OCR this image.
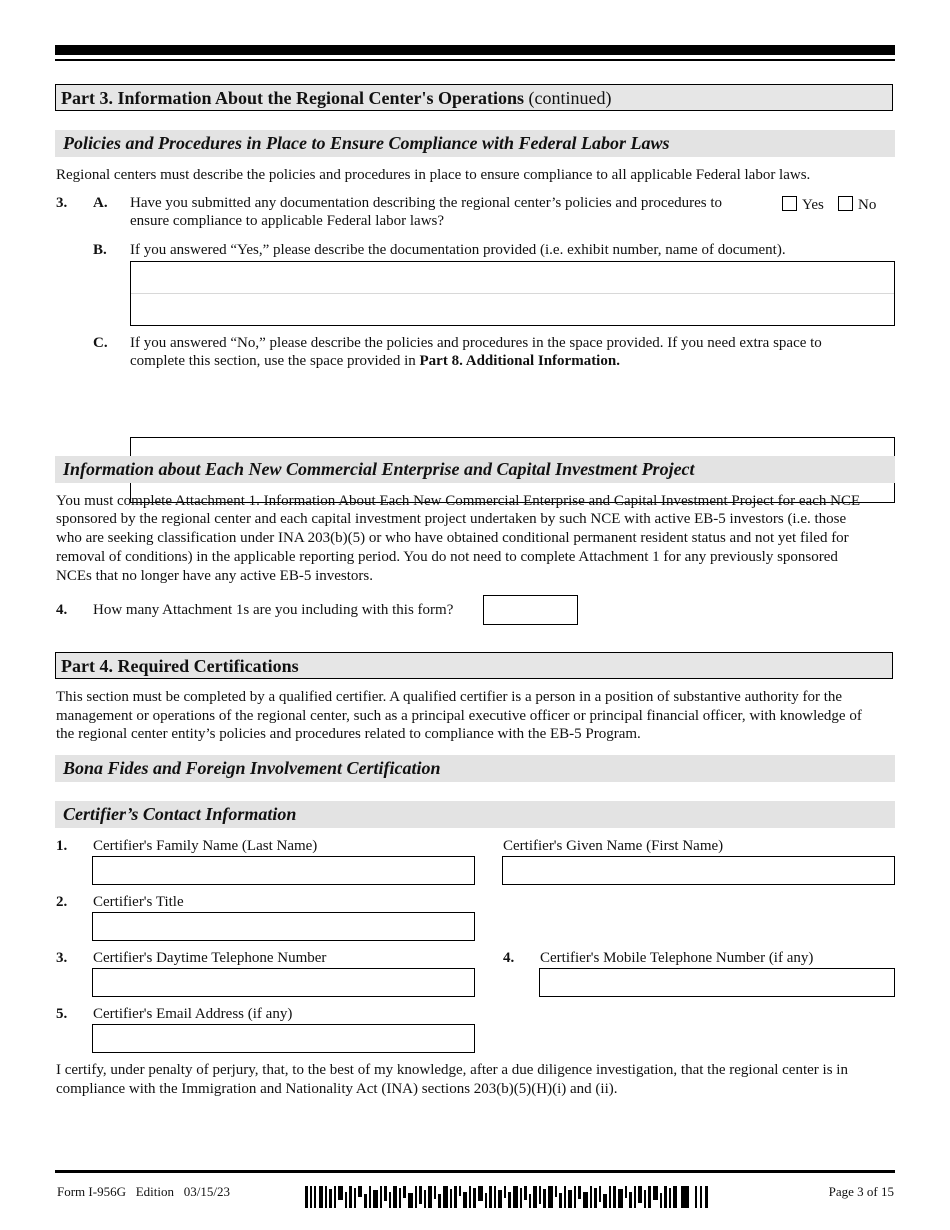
Part 3. Information About the Regional Center's Operations (continued)
Policies and Procedures in Place to Ensure Compliance with Federal Labor Laws
Regional centers must describe the policies and procedures in place to ensure compliance to all applicable Federal labor laws.
3. A. Have you submitted any documentation describing the regional center’s policies and procedures to
ensure compliance to applicable Federal labor laws?
Yes	No
B. If you answered “Yes,” please describe the documentation provided (i.e. exhibit number, name of document).
C. If you answered “No,” please describe the policies and procedures in the space provided. If you need extra space to
complete this section, use the space provided in Part 8. Additional Information.
Information about Each New Commercial Enterprise and Capital Investment Project
You must complete Attachment 1. Information About Each New Commercial Enterprise and Capital Investment Project for each NCE
sponsored by the regional center and each capital investment project undertaken by such NCE with active EB-5 investors (i.e. those
who are seeking classification under INA 203(b)(5) or who have obtained conditional permanent resident status and not yet filed for
removal of conditions) in the applicable reporting period. You do not need to complete Attachment 1 for any previously sponsored
NCEs that no longer have any active EB-5 investors.
4. How many Attachment 1s are you including with this form?
Part 4. Required Certifications
This section must be completed by a qualified certifier. A qualified certifier is a person in a position of substantive authority for the
management or operations of the regional center, such as a principal executive officer or principal financial officer, with knowledge of
the regional center entity’s policies and procedures related to compliance with the EB-5 Program.
Bona Fides and Foreign Involvement Certification
Certifier’s Contact Information
1. Certifier's Family Name (Last Name)	Certifier's Given Name (First Name)
2. Certifier's Title
3. Certifier's Daytime Telephone Number	4. Certifier's Mobile Telephone Number (if any)
5. Certifier's Email Address (if any)
I certify, under penalty of perjury, that, to the best of my knowledge, after a due diligence investigation, that the regional center is in
compliance with the Immigration and Nationality Act (INA) sections 203(b)(5)(H)(i) and (ii).
Form I-956G   Edition   03/15/23	Page 3 of 15
